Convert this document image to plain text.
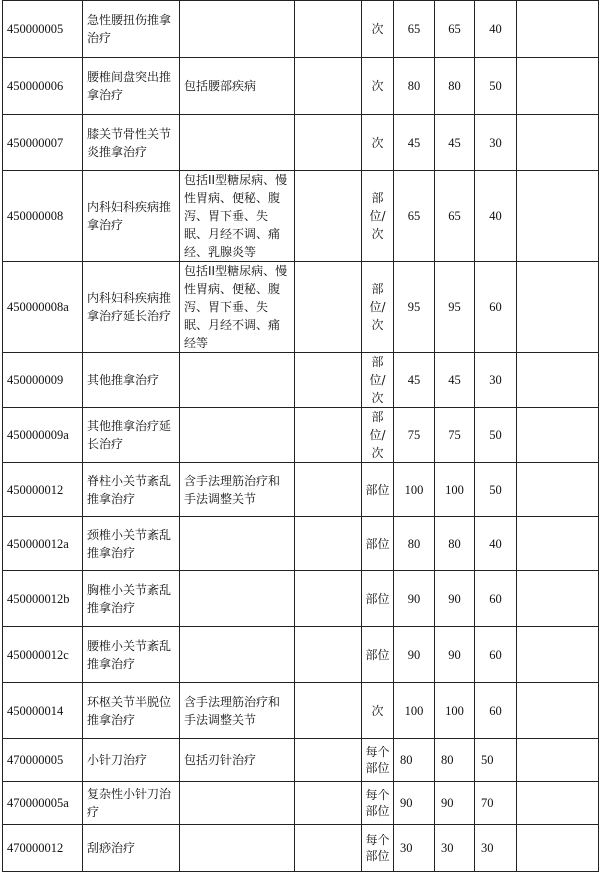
450000005	急性腰扭伤推拿治疗			次	65	65	40	
450000006	腰椎间盘突出推拿治疗	包括腰部疾病		次	80	80	50	
450000007	膝关节骨性关节炎推拿治疗			次	45	45	30	
450000008	内科妇科疾病推拿治疗	包括II型糖尿病、慢性胃病、便秘、腹泻、胃下垂、失眠、月经不调、痛经、乳腺炎等		部位/次	65	65	40	
450000008a	内科妇科疾病推拿治疗延长治疗	包括II型糖尿病、慢性胃病、便秘、腹泻、胃下垂、失眠、月经不调、痛经等		部位/次	95	95	60	
450000009	其他推拿治疗			部位/次	45	45	30	
450000009a	其他推拿治疗延长治疗			部位/次	75	75	50	
450000012	脊柱小关节紊乱推拿治疗	含手法理筋治疗和手法调整关节		部位	100	100	50	
450000012a	颈椎小关节紊乱推拿治疗			部位	80	80	40	
450000012b	胸椎小关节紊乱推拿治疗			部位	90	90	60	
450000012c	腰椎小关节紊乱推拿治疗			部位	90	90	60	
450000014	环枢关节半脱位推拿治疗	含手法理筋治疗和手法调整关节		次	100	100	60	
470000005	小针刀治疗	包括刃针治疗		每个部位	80	80	50	
470000005a	复杂性小针刀治疗			每个部位	90	90	70	
470000012	刮痧治疗			每个部位	30	30	30	
